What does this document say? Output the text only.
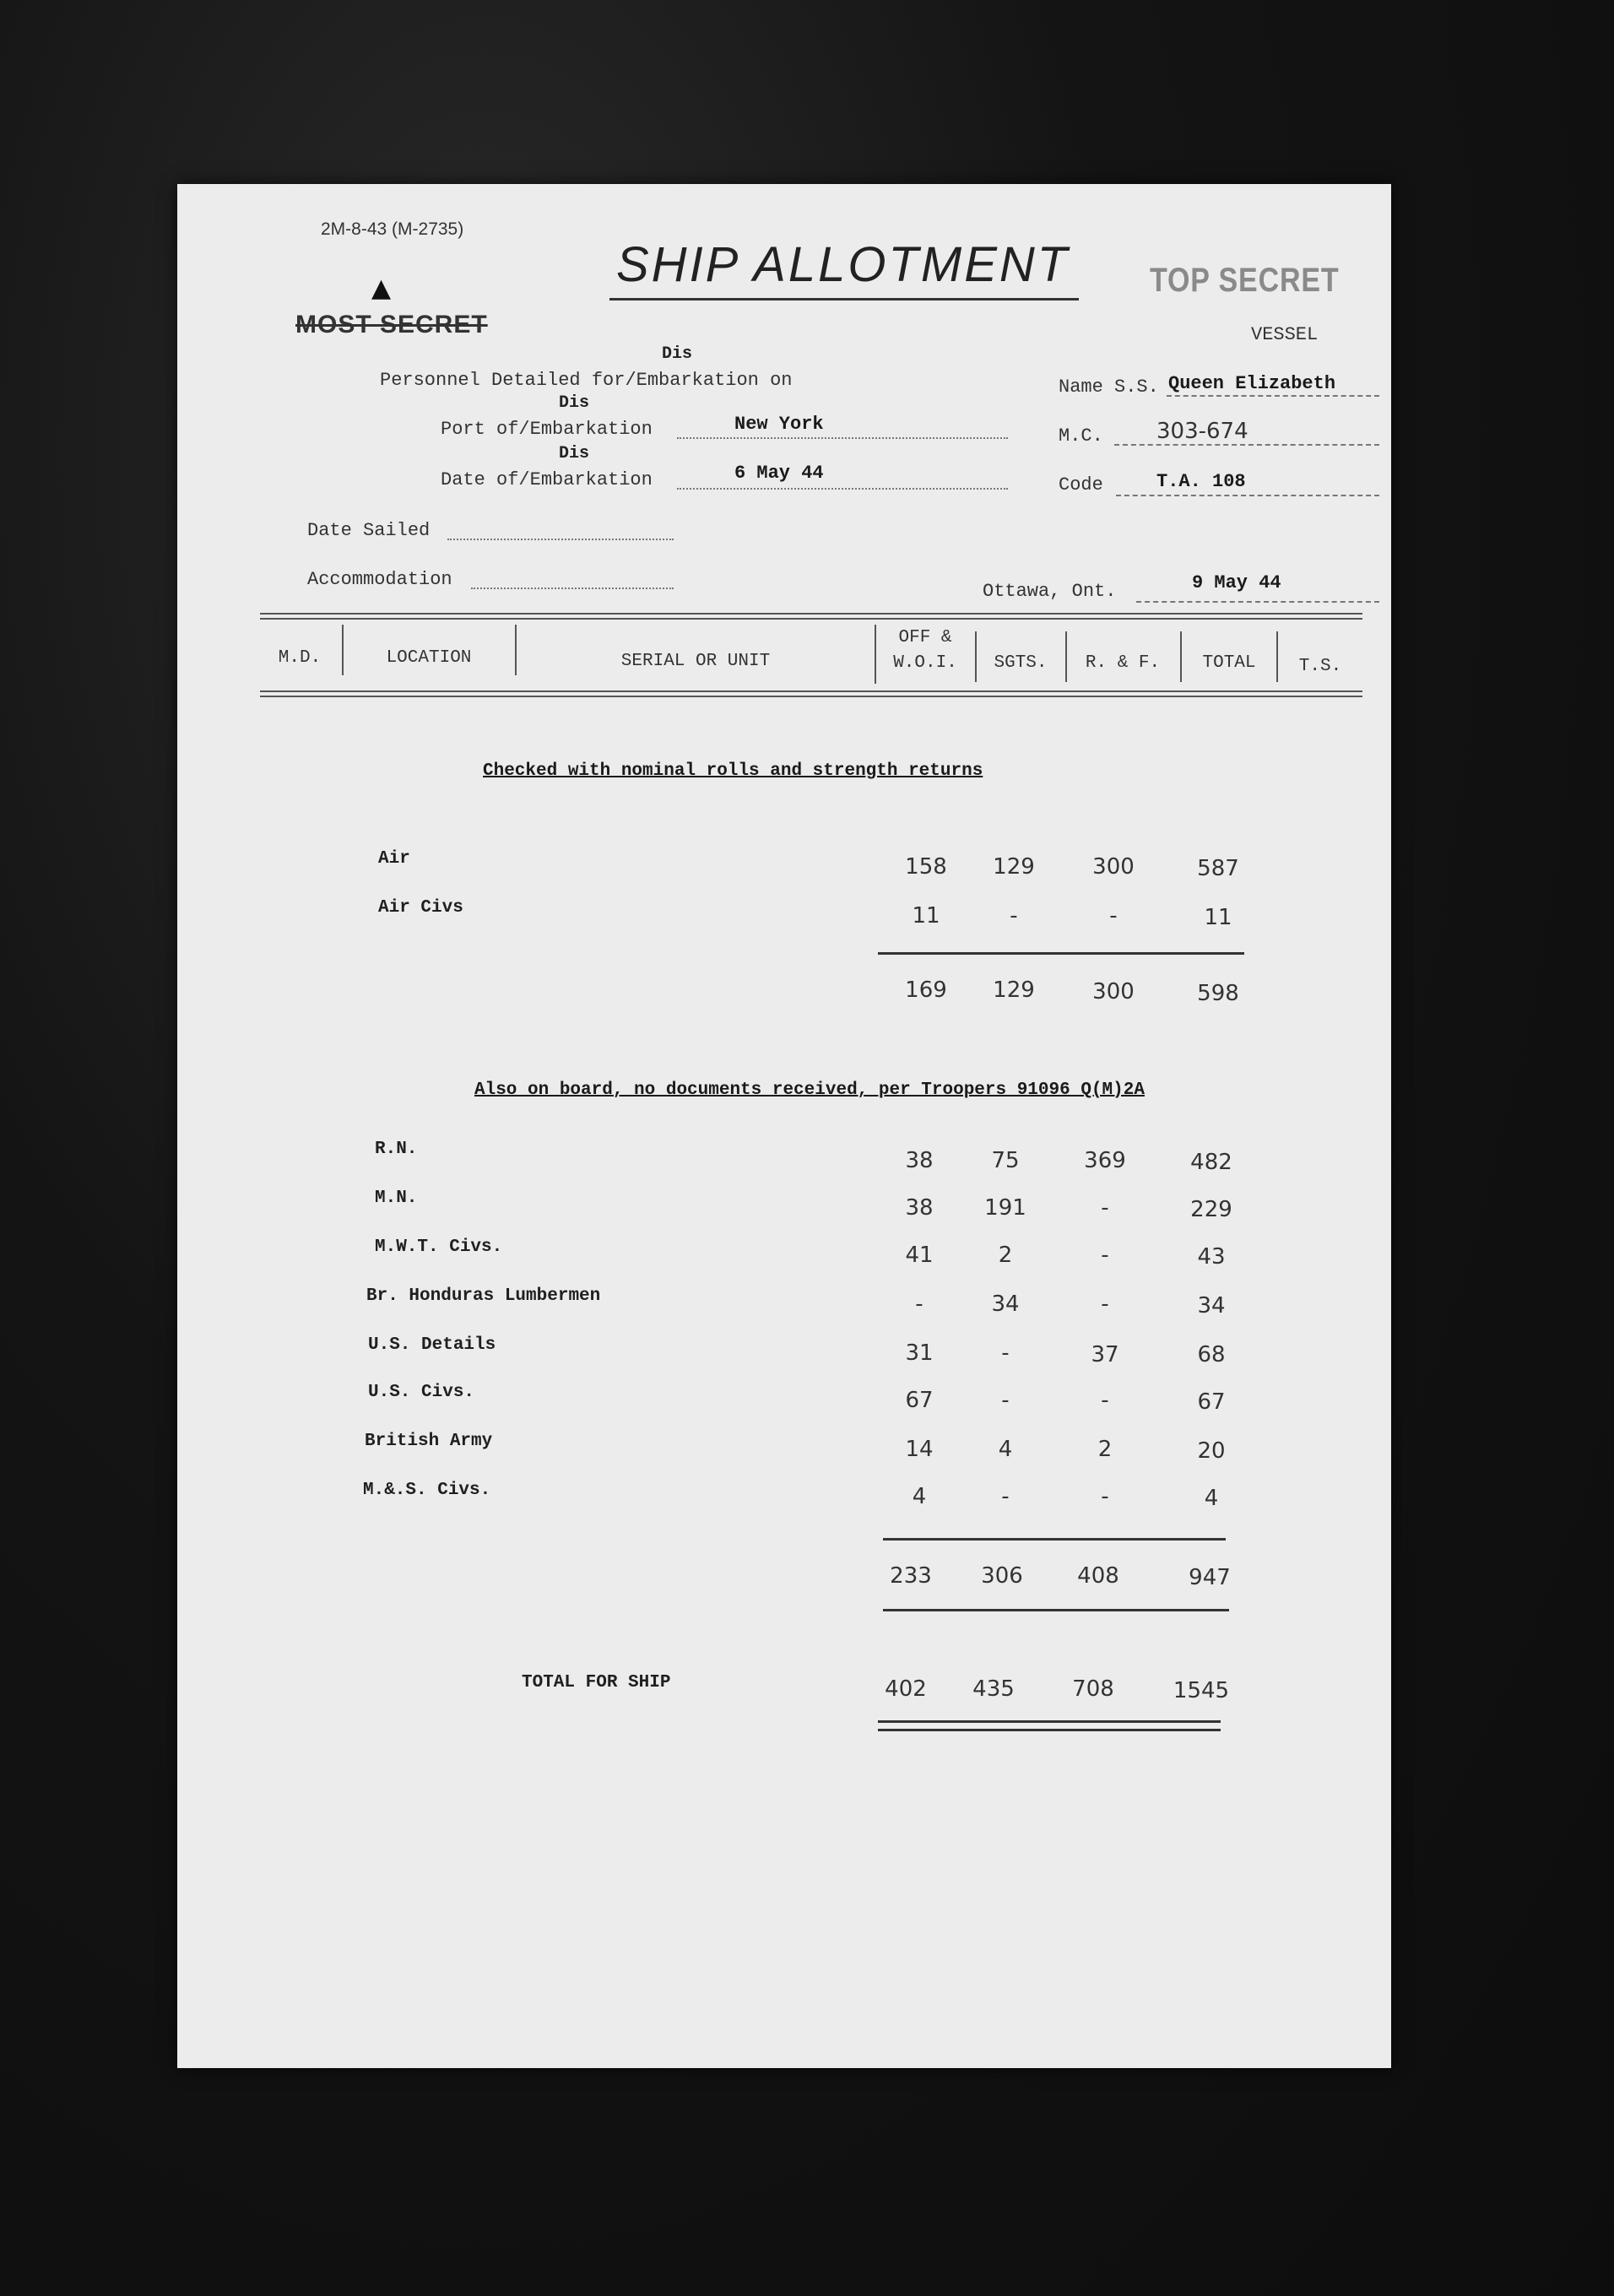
2M-8-43 (M-2735)
SHIP ALLOTMENT TOP SECRET
▲
MOST SECRET	VESSEL
Dis
Personnel Detailed for/Embarkation on
Dis
Port of/Embarkation	New York
Dis
Date of/Embarkation	6 May 44
Date Sailed
Accommodation
Name S.S. Queen Elizabeth
M.C. 303-674
Code	T.A. 108
Ottawa, Ont.	9 May 44
M.D.	LOCATION	SERIAL OR UNIT
OFF &
W.O.I.	SGTS.	R. & F.	TOTAL	T.S.
Checked with nominal rolls and strength returns
Air	158	129	300	587
Air Civs	11	-	-	11
169	129	300	598
Also on board, no documents received, per Troopers 91096 Q(M)2A
R.N.	38	75	369	482
M.N.	38	191	-	229
M.W.T. Civs.	41	2	-	43
Br. Honduras Lumbermen	-	34	-	34
U.S. Details	31	-	37	68
U.S. Civs.	67	-	-	67
British Army	14	4	2	20
M.&.S. Civs.	4	-	-	4
233	306	408	947
TOTAL FOR SHIP	402	435	708	1545
